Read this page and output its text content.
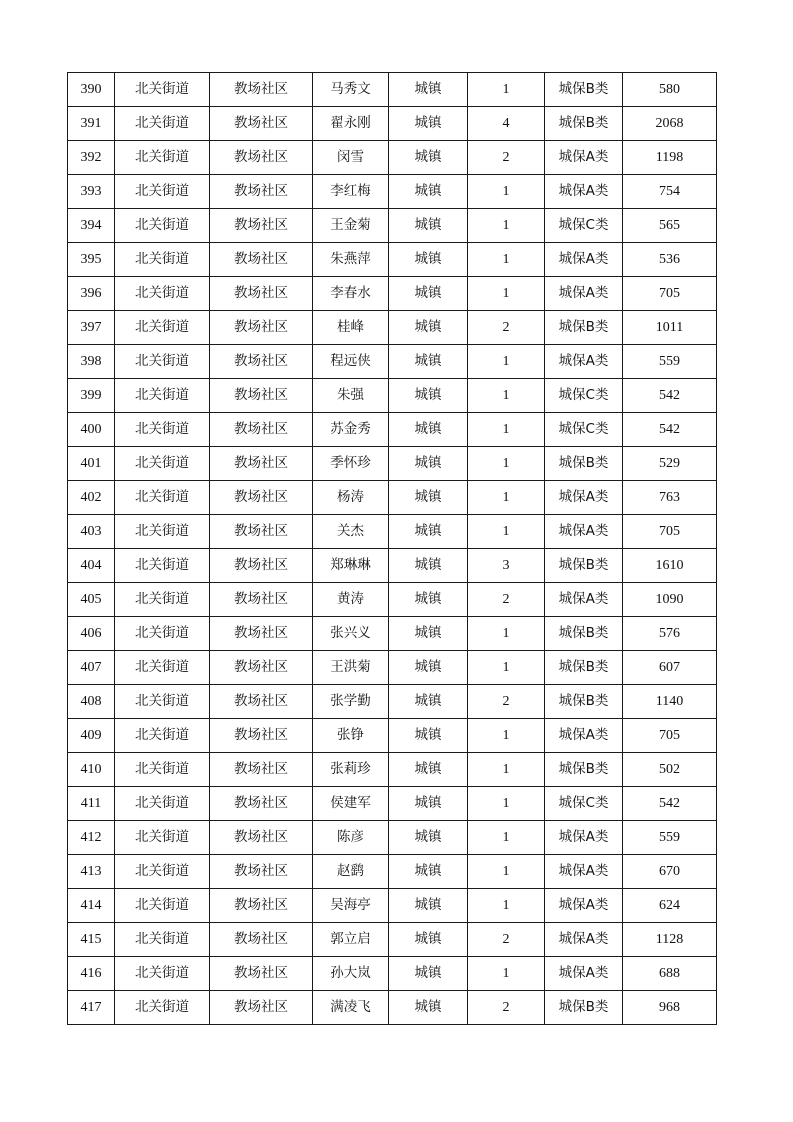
390	北关街道	教场社区	马秀文	城镇	1	城保B类	580
391	北关街道	教场社区	翟永刚	城镇	4	城保B类	2068
392	北关街道	教场社区	闵雪	城镇	2	城保A类	1198
393	北关街道	教场社区	李红梅	城镇	1	城保A类	754
394	北关街道	教场社区	王金菊	城镇	1	城保C类	565
395	北关街道	教场社区	朱燕萍	城镇	1	城保A类	536
396	北关街道	教场社区	李春水	城镇	1	城保A类	705
397	北关街道	教场社区	桂峰	城镇	2	城保B类	1011
398	北关街道	教场社区	程远侠	城镇	1	城保A类	559
399	北关街道	教场社区	朱强	城镇	1	城保C类	542
400	北关街道	教场社区	苏金秀	城镇	1	城保C类	542
401	北关街道	教场社区	季怀珍	城镇	1	城保B类	529
402	北关街道	教场社区	杨涛	城镇	1	城保A类	763
403	北关街道	教场社区	关杰	城镇	1	城保A类	705
404	北关街道	教场社区	郑琳琳	城镇	3	城保B类	1610
405	北关街道	教场社区	黄涛	城镇	2	城保A类	1090
406	北关街道	教场社区	张兴义	城镇	1	城保B类	576
407	北关街道	教场社区	王洪菊	城镇	1	城保B类	607
408	北关街道	教场社区	张学勤	城镇	2	城保B类	1140
409	北关街道	教场社区	张铮	城镇	1	城保A类	705
410	北关街道	教场社区	张莉珍	城镇	1	城保B类	502
411	北关街道	教场社区	侯建军	城镇	1	城保C类	542
412	北关街道	教场社区	陈彦	城镇	1	城保A类	559
413	北关街道	教场社区	赵鹞	城镇	1	城保A类	670
414	北关街道	教场社区	吴海亭	城镇	1	城保A类	624
415	北关街道	教场社区	郭立启	城镇	2	城保A类	1128
416	北关街道	教场社区	孙大岚	城镇	1	城保A类	688
417	北关街道	教场社区	满凌飞	城镇	2	城保B类	968
